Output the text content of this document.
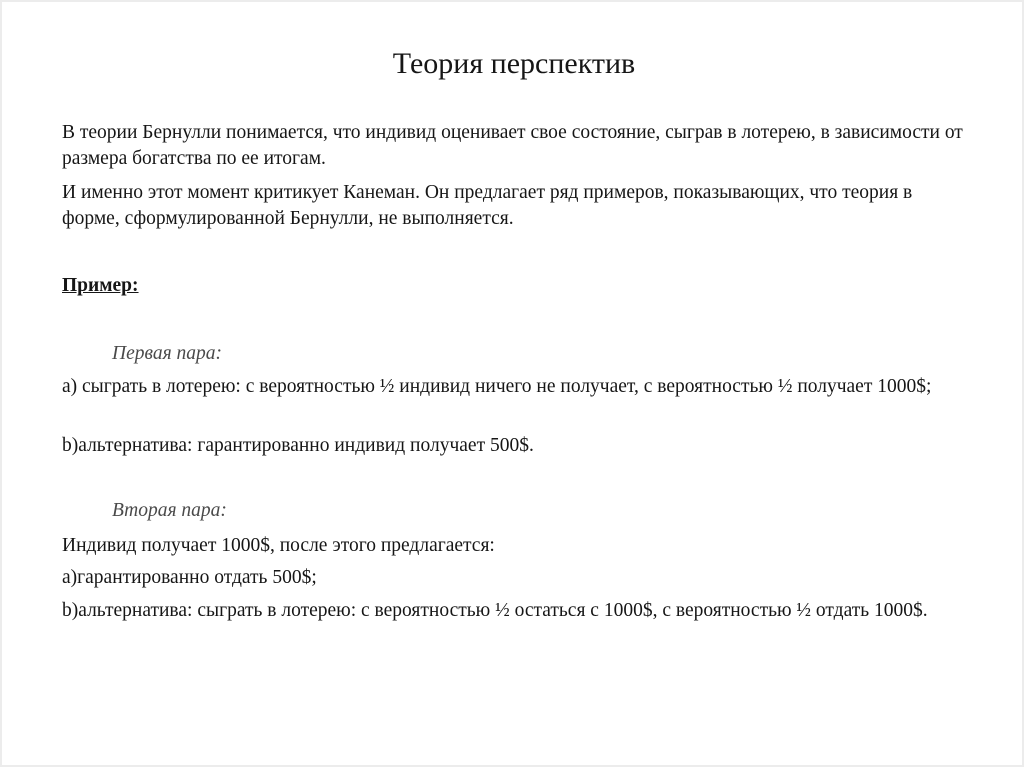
Теория перспектив
В теории Бернулли понимается, что индивид оценивает свое состояние, сыграв в лотерею, в зависимости от размера богатства по ее итогам.
И именно этот момент критикует Канеман. Он предлагает ряд примеров, показывающих, что теория в форме, сформулированной Бернулли, не выполняется.
Пример:
Первая пара:
a) сыграть в лотерею: с вероятностью ½ индивид ничего не получает, с вероятностью ½ получает 1000$;
b)альтернатива: гарантированно индивид получает 500$.
Вторая пара:
Индивид получает 1000$, после этого предлагается:
a)гарантированно отдать 500$;
b)альтернатива: сыграть в лотерею: с вероятностью ½ остаться с 1000$, с вероятностью ½ отдать 1000$.
